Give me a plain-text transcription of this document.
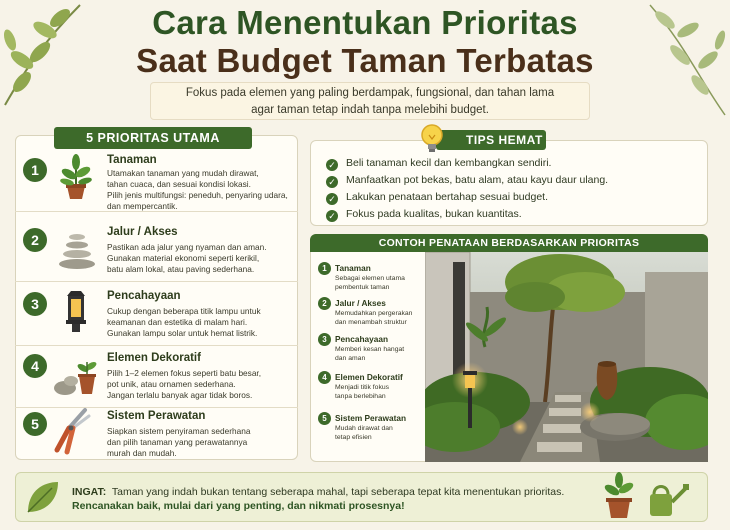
Cara Menentukan Prioritas
Saat Budget Taman Terbatas
Fokus pada elemen yang paling berdampak, fungsional, dan tahan lama
agar taman tetap indah tanpa melebihi budget.
5 PRIORITAS UTAMA
1
Tanaman
Utamakan tanaman yang mudah dirawat,
tahan cuaca, dan sesuai kondisi lokasi.
Pilih jenis multifungsi: peneduh, penyaring udara,
dan mempercantik.
2	Jalur / Akses
Pastikan ada jalur yang nyaman dan aman.
Gunakan material ekonomi seperti kerikil,
batu alam lokal, atau paving sederhana.
3	Pencahayaan
Cukup dengan beberapa titik lampu untuk
keamanan dan estetika di malam hari.
Gunakan lampu solar untuk hemat listrik.
4	Elemen Dekoratif
Pilih 1–2 elemen fokus seperti batu besar,
pot unik, atau ornamen sederhana.
Jangan terlalu banyak agar tidak boros.
5	Sistem Perawatan
Siapkan sistem penyiraman sederhana
dan pilih tanaman yang perawatannya
murah dan mudah.
TIPS HEMAT
✓ Beli tanaman kecil dan kembangkan sendiri.
✓ Manfaatkan pot bekas, batu alam, atau kayu daur ulang.
✓ Lakukan penataan bertahap sesuai budget.
✓ Fokus pada kualitas, bukan kuantitas.
CONTOH PENATAAN BERDASARKAN PRIORITAS
1 Tanaman
Sebagai elemen utama
pembentuk taman
2 Jalur / Akses
Memudahkan pergerakan
dan menambah struktur
3 Pencahayaan
Memberi kesan hangat
dan aman
4 Elemen Dekoratif
Menjadi titik fokus
tanpa berlebihan
5 Sistem Perawatan
Mudah dirawat dan
tetap efisien
INGAT: Taman yang indah bukan tentang seberapa mahal, tapi seberapa tepat kita menentukan prioritas.
Rencanakan baik, mulai dari yang penting, dan nikmati prosesnya!
